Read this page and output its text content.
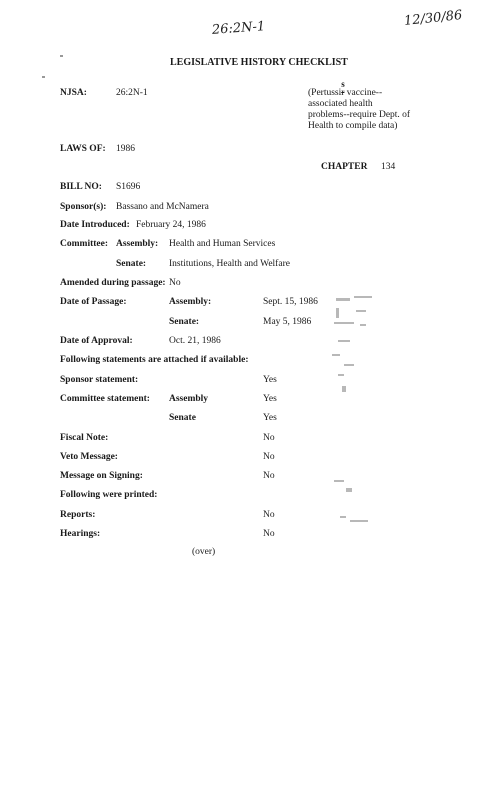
26:2N-1	12/30/86
LEGISLATIVE HISTORY CHECKLIST
NJSA:	26:2N-1	(Pertussir
s
vaccine--
associated health
problems--require Dept. of
Health to compile data)
LAWS OF: 1986
CHAPTER 134
BILL NO: S1696
Sponsor(s): Bassano and McNamera
Date Introduced: February 24, 1986
Committee: Assembly: Health and Human Services
Senate: Institutions, Health and Welfare
Amended during passage: No
Date of Passage:	Assembly:	Sept. 15, 1986
Senate:	May 5, 1986
Date of Approval:	Oct. 21, 1986
Following statements are attached if available:
Sponsor statement:	Yes
Committee statement: Assembly	Yes
Senate	Yes
Fiscal Note:	No
Veto Message:	No
Message on Signing:	No
Following were printed:
Reports:	No
Hearings:	No
(over)
